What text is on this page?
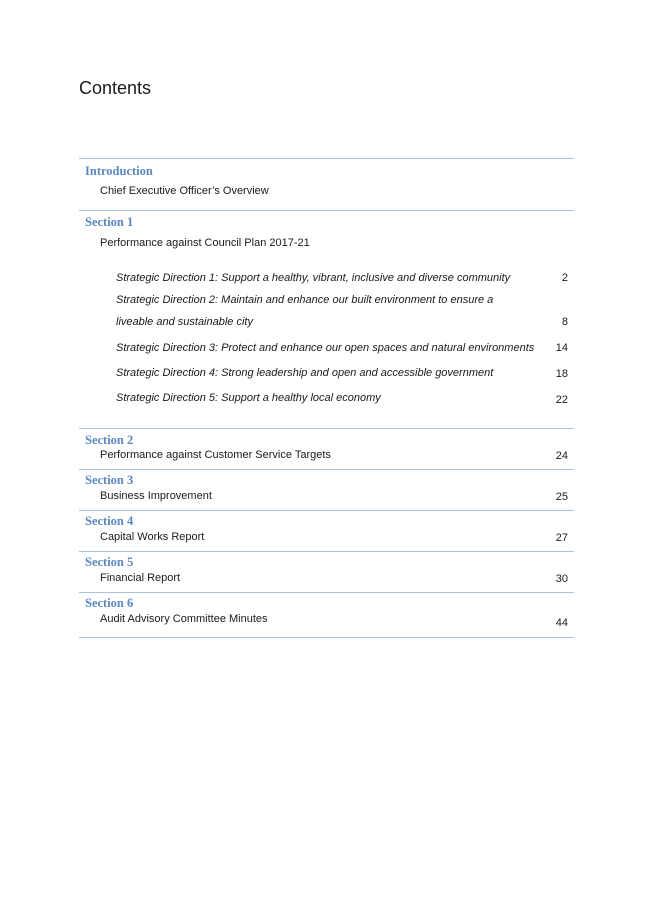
Contents
Introduction
Chief Executive Officer’s Overview
Section 1
Performance against Council Plan 2017-21
Strategic Direction 1: Support a healthy, vibrant, inclusive and diverse community	2
Strategic Direction 2: Maintain and enhance our built environment to ensure a
liveable and sustainable city	8
Strategic Direction 3: Protect and enhance our open spaces and natural environments 14
Strategic Direction 4: Strong leadership and open and accessible government	18
Strategic Direction 5: Support a healthy local economy	22
Section 2
Performance against Customer Service Targets	24
Section 3
Business Improvement	25
Section 4
Capital Works Report	27
Section 5
Financial Report	30
Section 6
Audit Advisory Committee Minutes	44
